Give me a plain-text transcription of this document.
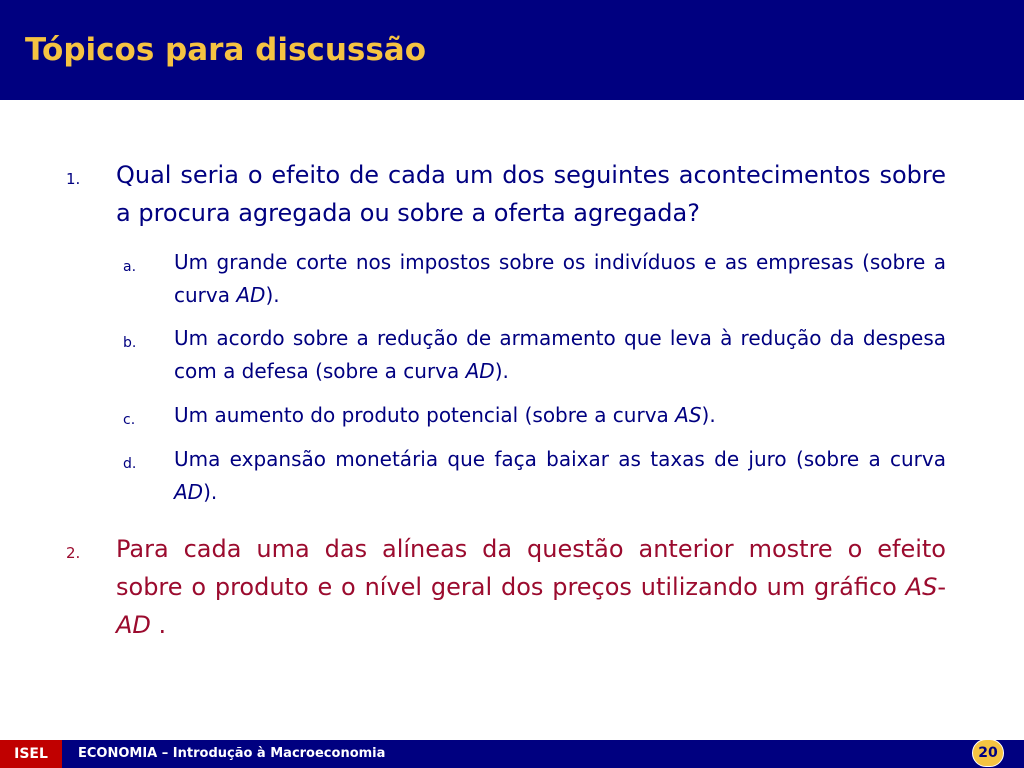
Tópicos para discussão
1. Qual seria o efeito de cada um dos seguintes acontecimentos sobre a procura agregada ou sobre a oferta agregada?

a. Um grande corte nos impostos sobre os indivíduos e as empresas (sobre a curva AD).

b. Um acordo sobre a redução de armamento que leva à redução da despesa com a defesa (sobre a curva AD).

c. Um aumento do produto potencial (sobre a curva AS).

d. Uma expansão monetária que faça baixar as taxas de juro (sobre a curva AD).

2. Para cada uma das alíneas da questão anterior mostre o efeito sobre o produto e o nível geral dos preços utilizando um gráfico AS-AD .

ISEL	ECONOMIA – Introdução à Macroeconomia	20
